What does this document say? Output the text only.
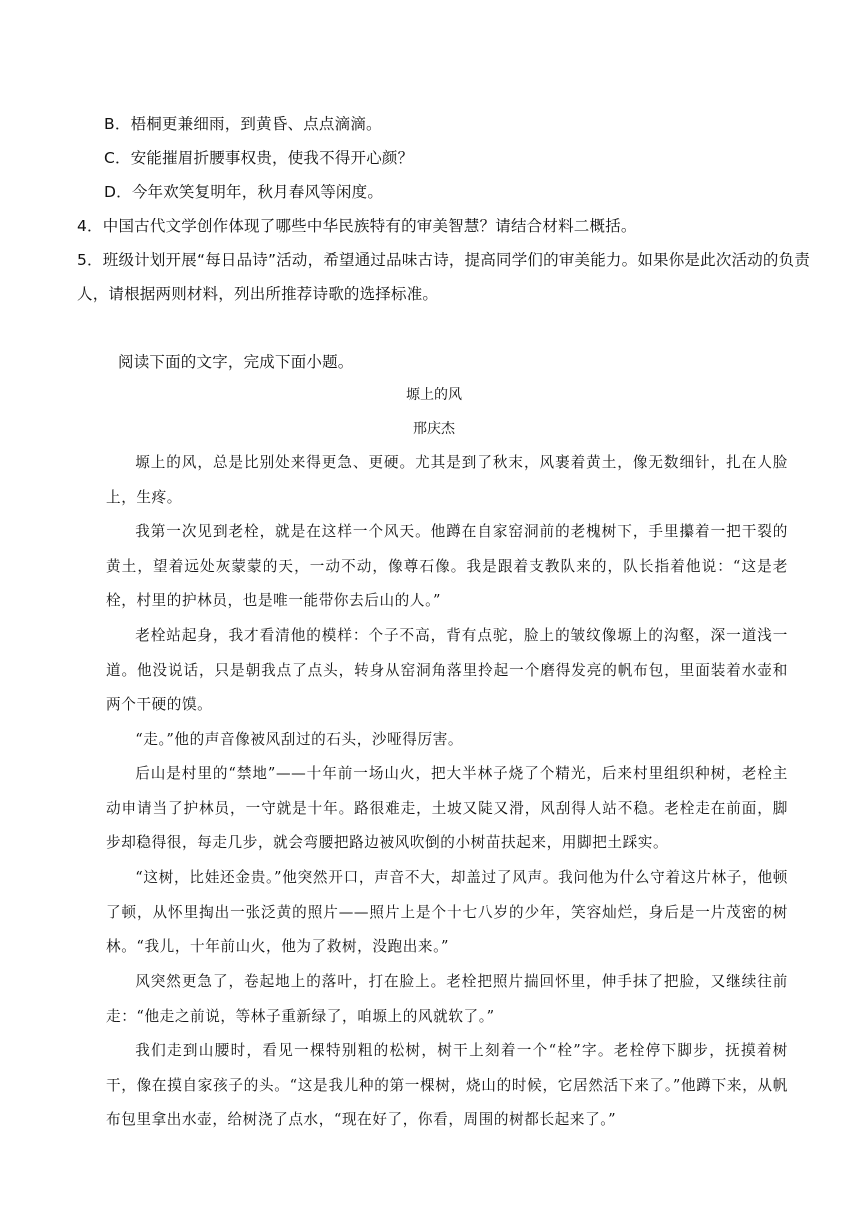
B．梧桐更兼细雨，到黄昏、点点滴滴。
C．安能摧眉折腰事权贵，使我不得开心颜？
D．今年欢笑复明年，秋月春风等闲度。
4．中国古代文学创作体现了哪些中华民族特有的审美智慧？请结合材料二概括。
5．班级计划开展“每日品诗”活动，希望通过品味古诗，提高同学们的审美能力。如果你是此次活动的负责
人，请根据两则材料，列出所推荐诗歌的选择标准。
阅读下面的文字，完成下面小题。
塬上的风
邢庆杰
塬上的风，总是比别处来得更急、更硬。尤其是到了秋末，风裹着黄土，像无数细针，扎在人脸上，生疼。
我第一次见到老栓，就是在这样一个风天。他蹲在自家窑洞前的老槐树下，手里攥着一把干裂的黄土，望着远处灰蒙蒙的天，一动不动，像尊石像。我是跟着支教队来的，队长指着他说：“这是老栓，村里的护林员，也是唯一能带你去后山的人。”
老栓站起身，我才看清他的模样：个子不高，背有点驼，脸上的皱纹像塬上的沟壑，深一道浅一道。他没说话，只是朝我点了点头，转身从窑洞角落里拎起一个磨得发亮的帆布包，里面装着水壶和两个干硬的馍。
“走。”他的声音像被风刮过的石头，沙哑得厉害。
后山是村里的“禁地”——十年前一场山火，把大半林子烧了个精光，后来村里组织种树，老栓主动申请当了护林员，一守就是十年。路很难走，土坡又陡又滑，风刮得人站不稳。老栓走在前面，脚步却稳得很，每走几步，就会弯腰把路边被风吹倒的小树苗扶起来，用脚把土踩实。
“这树，比娃还金贵。”他突然开口，声音不大，却盖过了风声。我问他为什么守着这片林子，他顿了顿，从怀里掏出一张泛黄的照片——照片上是个十七八岁的少年，笑容灿烂，身后是一片茂密的树林。“我儿，十年前山火，他为了救树，没跑出来。”
风突然更急了，卷起地上的落叶，打在脸上。老栓把照片揣回怀里，伸手抹了把脸，又继续往前走：“他走之前说，等林子重新绿了，咱塬上的风就软了。”
我们走到山腰时，看见一棵特别粗的松树，树干上刻着一个“栓”字。老栓停下脚步，抚摸着树干，像在摸自家孩子的头。“这是我儿种的第一棵树，烧山的时候，它居然活下来了。”他蹲下来，从帆布包里拿出水壶，给树浇了点水，“现在好了，你看，周围的树都长起来了。”
